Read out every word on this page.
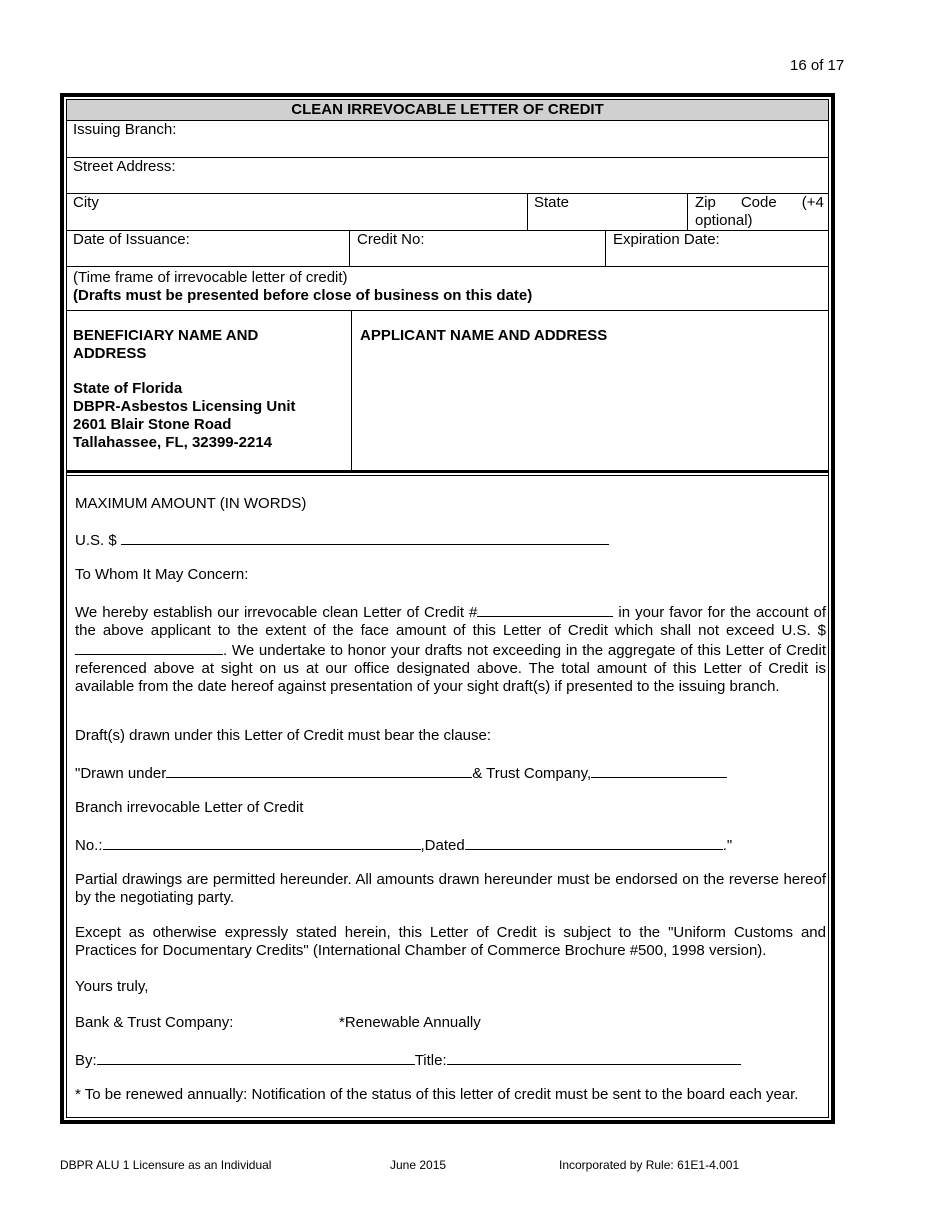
16 of 17
CLEAN IRREVOCABLE LETTER OF CREDIT
Issuing Branch:
Street Address:
City	State	Zip      Code      (+4
optional)
Date of Issuance:	Credit No:	Expiration Date:
(Time frame of irrevocable letter of credit)
(Drafts must be presented before close of business on this date)
BENEFICIARY NAME AND
ADDRESS
State of Florida
DBPR-Asbestos Licensing Unit
2601 Blair Stone Road
Tallahassee, FL, 32399-2214
APPLICANT NAME AND ADDRESS
MAXIMUM AMOUNT (IN WORDS)
U.S. $
To Whom It May Concern:
We hereby establish our irrevocable clean Letter of Credit #	in your favor for the account of the above applicant to the extent of the face amount of this Letter of Credit which shall not exceed U.S. $. We undertake to honor your drafts not exceeding in the aggregate of this Letter of Credit referenced above at sight on us at our office designated above. The total amount of this Letter of Credit is available from the date hereof against presentation of your sight draft(s) if presented to the issuing branch.
Draft(s) drawn under this Letter of Credit must bear the clause:
"Drawn under	& Trust Company,
Branch irrevocable Letter of Credit
No.:	,Dated	."
Partial drawings are permitted hereunder. All amounts drawn hereunder must be endorsed on the reverse hereof by the negotiating party.
Except as otherwise expressly stated herein, this Letter of Credit is subject to the "Uniform Customs and Practices for Documentary Credits" (International Chamber of Commerce Brochure #500, 1998 version).
Yours truly,
Bank & Trust Company:	*Renewable Annually
By:	Title:
* To be renewed annually: Notification of the status of this letter of credit must be sent to the board each year.
DBPR ALU 1 Licensure as an Individual	June 2015	Incorporated by Rule: 61E1-4.001
